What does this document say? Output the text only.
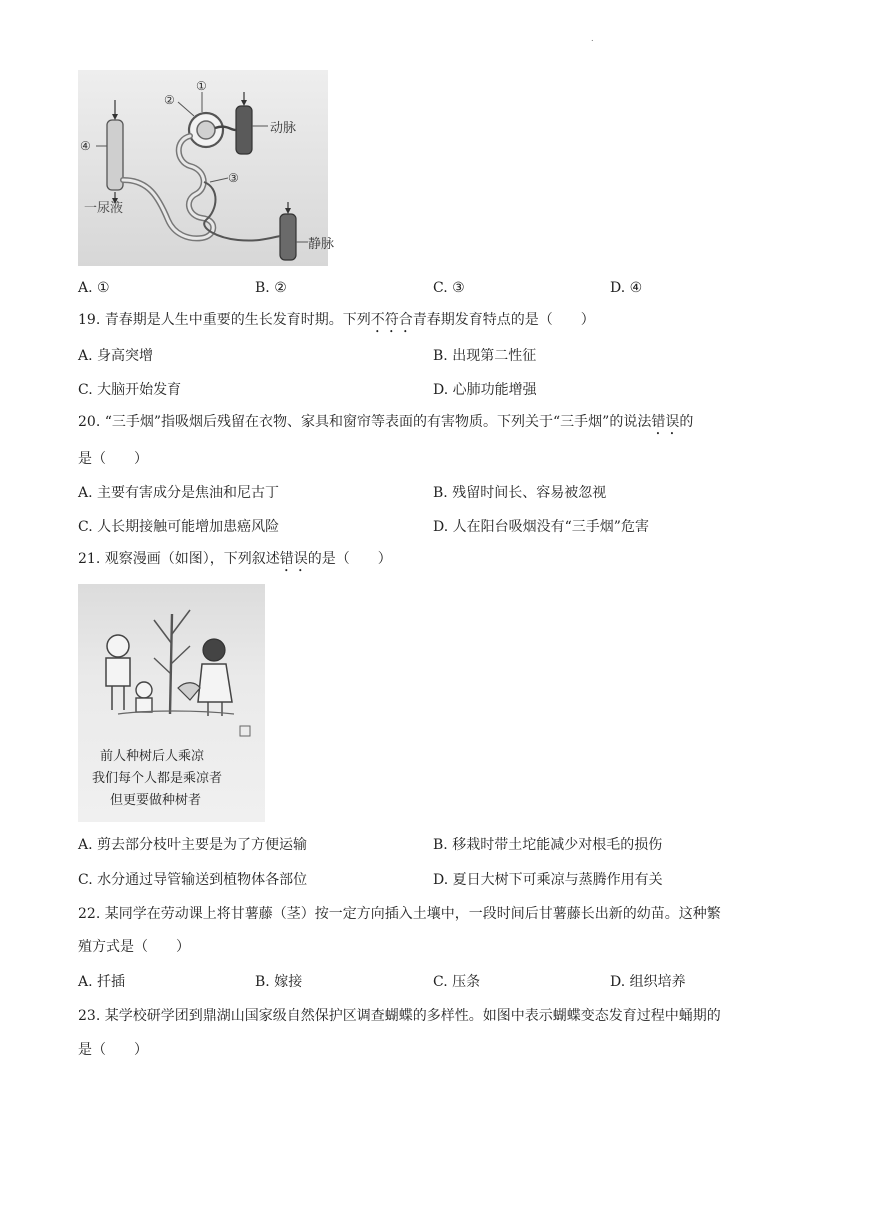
.
①
②
③
④
动脉
静脉
一尿液
A. ①	B. ②	C. ③	D. ④
19. 青春期是人生中重要的生长发育时期。下列不符合青春期发育特点的是（　　）
A. 身高突增	B. 出现第二性征
C. 大脑开始发育	D. 心肺功能增强
20. “三手烟”指吸烟后残留在衣物、家具和窗帘等表面的有害物质。下列关于“三手烟”的说法错误的
是（　　）
A. 主要有害成分是焦油和尼古丁	B. 残留时间长、容易被忽视
C. 人长期接触可能增加患癌风险	D. 人在阳台吸烟没有“三手烟”危害
21. 观察漫画（如图），下列叙述错误的是（　　）
前人种树后人乘凉
我们每个人都是乘凉者
但更要做种树者
A. 剪去部分枝叶主要是为了方便运输	B. 移栽时带土坨能减少对根毛的损伤
C. 水分通过导管输送到植物体各部位	D. 夏日大树下可乘凉与蒸腾作用有关
22. 某同学在劳动课上将甘薯藤（茎）按一定方向插入土壤中，一段时间后甘薯藤长出新的幼苗。这种繁
殖方式是（　　）
A. 扦插	B. 嫁接	C. 压条	D. 组织培养
23. 某学校研学团到鼎湖山国家级自然保护区调查蝴蝶的多样性。如图中表示蝴蝶变态发育过程中蛹期的
是（　　）
